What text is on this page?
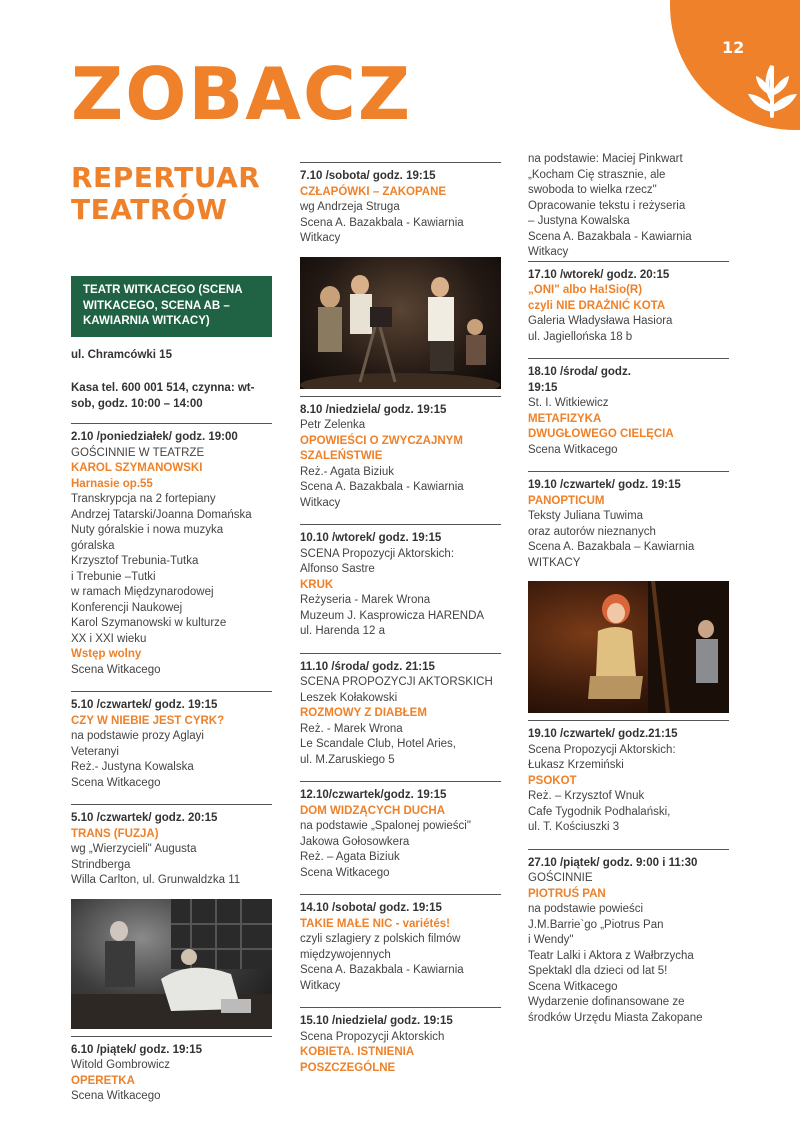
12
ZOBACZ
REPERTUAR
TEATRÓW
TEATR WITKACEGO (SCENA WITKACEGO, SCENA AB – KAWIARNIA WITKACY)
ul. Chramcówki 15
Kasa tel. 600 001 514, czynna: wt-sob, godz. 10:00 – 14:00
2.10 /poniedziałek/ godz. 19:00
GOŚCINNIE W TEATRZE
KAROL SZYMANOWSKI
Harnasie op.55
Transkrypcja na 2 fortepiany
Andrzej Tatarski/Joanna Domańska
Nuty góralskie i nowa muzyka
góralska
Krzysztof Trebunia-Tutka
i Trebunie –Tutki
w ramach Międzynarodowej
Konferencji Naukowej
Karol Szymanowski w kulturze
XX i XXI wieku
Wstęp wolny
Scena Witkacego
5.10 /czwartek/ godz. 19:15
CZY W NIEBIE JEST CYRK?
na podstawie prozy Aglayi
Veteranyi
Reż.- Justyna Kowalska
Scena Witkacego
5.10 /czwartek/ godz. 20:15
TRANS (FUZJA)
wg „Wierzycieli" Augusta
Strindberga
Willa Carlton, ul. Grunwaldzka 11
6.10 /piątek/ godz. 19:15
Witold Gombrowicz
OPERETKA
Scena Witkacego
7.10 /sobota/ godz. 19:15
CZŁAPÓWKI – ZAKOPANE
wg Andrzeja Struga
Scena A. Bazakbala - Kawiarnia
Witkacy
8.10 /niedziela/ godz. 19:15
Petr Zelenka
OPOWIEŚCI O ZWYCZAJNYM
SZALEŃSTWIE
Reż.- Agata Biziuk
Scena A. Bazakbala - Kawiarnia
Witkacy
10.10 /wtorek/ godz. 19:15
SCENA Propozycji Aktorskich:
Alfonso Sastre
KRUK
Reżyseria - Marek Wrona
Muzeum J. Kasprowicza HARENDA
ul. Harenda 12 a
11.10 /środa/ godz. 21:15
SCENA PROPOZYCJI AKTORSKICH
Leszek Kołakowski
ROZMOWY Z DIABŁEM
Reż. - Marek Wrona
Le Scandale Club, Hotel Aries,
ul. M.Zaruskiego 5
12.10/czwartek/godz. 19:15
DOM WIDZĄCYCH DUCHA
na podstawie „Spalonej powieści"
Jakowa Gołosowkera
Reż. – Agata Biziuk
Scena Witkacego
14.10 /sobota/ godz. 19:15
TAKIE MAŁE NIC - variétés!
czyli szlagiery z polskich filmów
międzywojennych
Scena A. Bazakbala - Kawiarnia
Witkacy
15.10 /niedziela/ godz. 19:15
Scena Propozycji Aktorskich
KOBIETA. ISTNIENIA
POSZCZEGÓLNE
na podstawie: Maciej Pinkwart
„Kocham Cię strasznie, ale
swoboda to wielka rzecz"
Opracowanie tekstu i reżyseria
– Justyna Kowalska
Scena A. Bazakbala - Kawiarnia
Witkacy
17.10 /wtorek/ godz. 20:15
„ONI" albo Ha!Sio(R)
czyli NIE DRAŻNIĆ KOTA
Galeria Władysława Hasiora
ul. Jagiellońska 18 b
18.10 /środa/ godz.
19:15
St. I. Witkiewicz
METAFIZYKA
DWUGŁOWEGO CIELĘCIA
Scena Witkacego
19.10 /czwartek/ godz. 19:15
PANOPTICUM
Teksty Juliana Tuwima
oraz autorów nieznanych
Scena A. Bazakbala – Kawiarnia
WITKACY
19.10 /czwartek/ godz.21:15
Scena Propozycji Aktorskich:
Łukasz Krzemiński
PSOKOT
Reż. – Krzysztof Wnuk
Cafe Tygodnik Podhalański,
ul. T. Kościuszki 3
27.10 /piątek/ godz. 9:00 i 11:30
GOŚCINNIE
PIOTRUŚ PAN
na podstawie powieści
J.M.Barrie`go „Piotrus Pan
i Wendy"
Teatr Lalki i Aktora z Wałbrzycha
Spektakl dla dzieci od lat 5!
Scena Witkacego
Wydarzenie dofinansowane ze
środków Urzędu Miasta Zakopane
